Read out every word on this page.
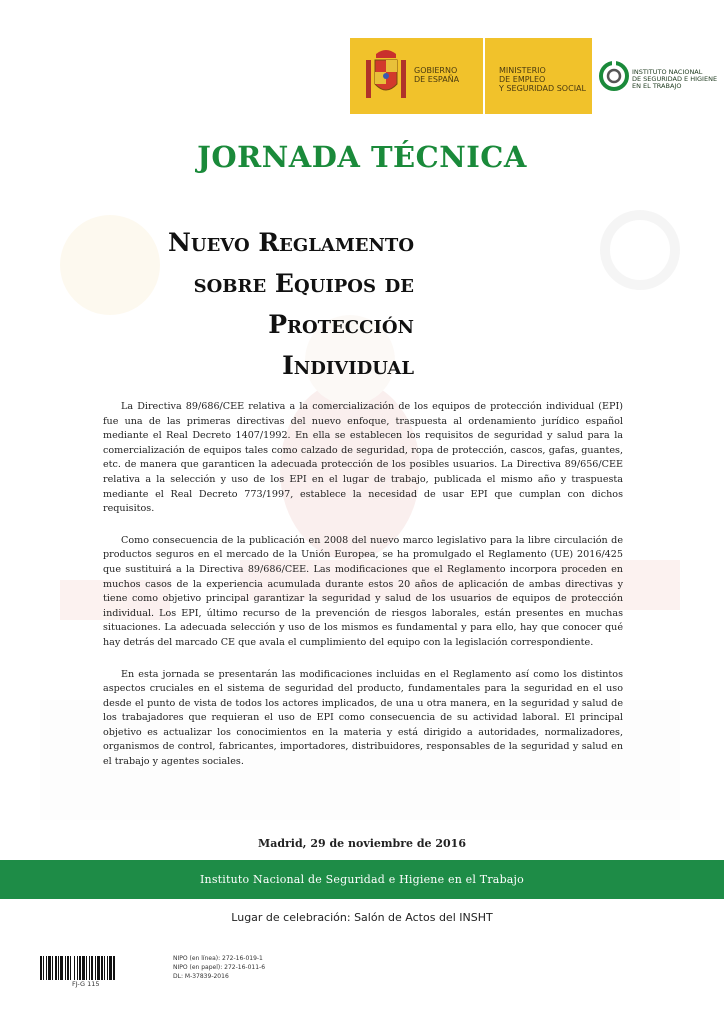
GOBIERNO
DE ESPAÑA
MINISTERIO
DE EMPLEO
Y SEGURIDAD SOCIAL
INSTITUTO NACIONAL
DE SEGURIDAD E HIGIENE
EN EL TRABAJO
JORNADA TÉCNICA
Nuevo Reglamento
sobre Equipos de
Protección
Individual

La Directiva 89/686/CEE relativa a la comercialización de los equipos de protección individual (EPI) fue una de las primeras directivas del nuevo enfoque, traspuesta al ordenamiento jurídico español mediante el Real Decreto 1407/1992. En ella se establecen los requisitos de seguridad y salud para la comercialización de equipos tales como calzado de seguridad, ropa de protección, cascos, gafas, guantes, etc. de manera que garanticen la adecuada protección de los posibles usuarios. La Directiva 89/656/CEE relativa a la selección y uso de los EPI en el lugar de trabajo, publicada el mismo año y traspuesta mediante el Real Decreto 773/1997, establece la necesidad de usar EPI que cumplan con dichos requisitos.

Como consecuencia de la publicación en 2008 del nuevo marco legislativo para la libre circulación de productos seguros en el mercado de la Unión Europea, se ha promulgado el Reglamento (UE) 2016/425 que sustituirá a la Directiva 89/686/CEE. Las modificaciones que el Reglamento incorpora proceden en muchos casos de la experiencia acumulada durante estos 20 años de aplicación de ambas directivas y tiene como objetivo principal garantizar la seguridad y salud de los usuarios de equipos de protección individual. Los EPI, último recurso de la prevención de riesgos laborales, están presentes en muchas situaciones. La adecuada selección y uso de los mismos es fundamental y para ello, hay que conocer qué hay detrás del marcado CE que avala el cumplimiento del equipo con la legislación correspondiente.

En esta jornada se presentarán las modificaciones incluidas en el Reglamento así como los distintos aspectos cruciales en el sistema de seguridad del producto, fundamentales para la seguridad en el uso desde el punto de vista de todos los actores implicados, de una u otra manera, en la seguridad y salud de los trabajadores que requieran el uso de EPI como consecuencia de su actividad laboral. El principal objetivo es actualizar los conocimientos en la materia y está dirigido a autoridades, normalizadores, organismos de control, fabricantes, importadores, distribuidores, responsables de la seguridad y salud en el trabajo y agentes sociales.

Madrid, 29 de noviembre de 2016
Instituto Nacional de Seguridad e Higiene en el Trabajo
Lugar de celebración: Salón de Actos del INSHT
FJ-G 115
NIPO (en línea): 272-16-019-1
NIPO (en papel): 272-16-011-6
DL: M-37839-2016
